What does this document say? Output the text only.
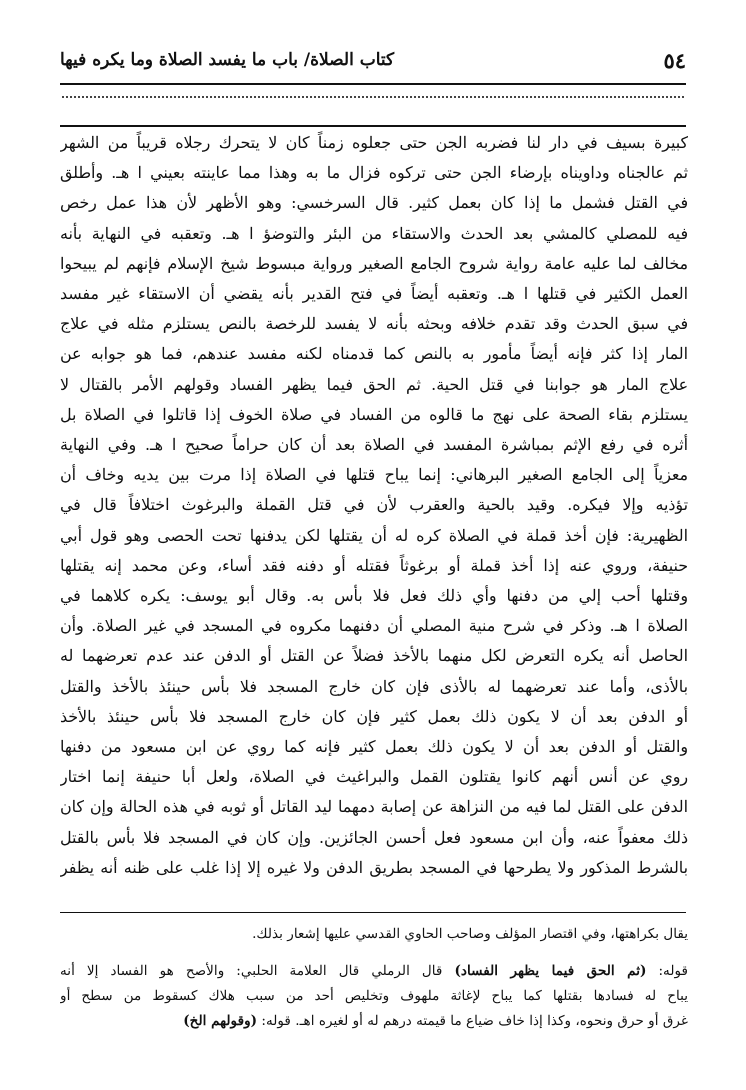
٥٤
كتاب الصلاة/ باب ما يفسد الصلاة وما يكره فيها
كبيرة بسيف في دار لنا فضربه الجن حتى جعلوه زمناً كان لا يتحرك رجلاه قريباً من الشهر
ثم عالجناه وداويناه بإرضاء الجن حتى تركوه فزال ما به وهذا مما عاينته بعيني ا هـ. وأطلق
في القتل فشمل ما إذا كان بعمل كثير. قال السرخسي: وهو الأظهر لأن هذا عمل رخص
فيه للمصلي كالمشي بعد الحدث والاستقاء من البئر والتوضؤ ا هـ. وتعقبه في النهاية بأنه
مخالف لما عليه عامة رواية شروح الجامع الصغير ورواية مبسوط شيخ الإسلام فإنهم لم يبيحوا
العمل الكثير في قتلها ا هـ. وتعقبه أيضاً في فتح القدير بأنه يقضي أن الاستقاء غير مفسد
في سبق الحدث وقد تقدم خلافه وبحثه بأنه لا يفسد للرخصة بالنص يستلزم مثله في علاج
المار إذا كثر فإنه أيضاً مأمور به بالنص كما قدمناه لكنه مفسد عندهم، فما هو جوابه عن
علاج المار هو جوابنا في قتل الحية. ثم الحق فيما يظهر الفساد وقولهم الأمر بالقتال لا
يستلزم بقاء الصحة على نهج ما قالوه من الفساد في صلاة الخوف إذا قاتلوا في الصلاة بل
أثره في رفع الإثم بمباشرة المفسد في الصلاة بعد أن كان حراماً صحيح ا هـ. وفي النهاية
معزياً إلى الجامع الصغير البرهاني: إنما يباح قتلها في الصلاة إذا مرت بين يديه وخاف أن
تؤذيه وإلا فيكره. وقيد بالحية والعقرب لأن في قتل القملة والبرغوث اختلافاً قال في
الظهيرية: فإن أخذ قملة في الصلاة كره له أن يقتلها لكن يدفنها تحت الحصى وهو قول أبي
حنيفة، وروي عنه إذا أخذ قملة أو برغوثاً فقتله أو دفنه فقد أساء، وعن محمد إنه يقتلها
وقتلها أحب إلي من دفنها وأي ذلك فعل فلا بأس به. وقال أبو يوسف: يكره كلاهما في
الصلاة ا هـ. وذكر في شرح منية المصلي أن دفنهما مكروه في المسجد في غير الصلاة. وأن
الحاصل أنه يكره التعرض لكل منهما بالأخذ فضلاً عن القتل أو الدفن عند عدم تعرضهما له
بالأذى، وأما عند تعرضهما له بالأذى فإن كان خارج المسجد فلا بأس حينئذ بالأخذ والقتل
أو الدفن بعد أن لا يكون ذلك بعمل كثير فإن كان خارج المسجد فلا بأس حينئذ بالأخذ
والقتل أو الدفن بعد أن لا يكون ذلك بعمل كثير فإنه كما روي عن ابن مسعود من دفنها
روي عن أنس أنهم كانوا يقتلون القمل والبراغيث في الصلاة، ولعل أبا حنيفة إنما اختار
الدفن على القتل لما فيه من النزاهة عن إصابة دمهما ليد القاتل أو ثوبه في هذه الحالة وإن كان
ذلك معفواً عنه، وأن ابن مسعود فعل أحسن الجائزين. وإن كان في المسجد فلا بأس بالقتل
بالشرط المذكور ولا يطرحها في المسجد بطريق الدفن ولا غيره إلا إذا غلب على ظنه أنه يظفر
يقال بكراهتها، وفي اقتصار المؤلف وصاحب الحاوي القدسي عليها إشعار بذلك.
قوله: (ثم الحق فيما يظهر الفساد) قال الرملي قال العلامة الحلبي: والأصح هو الفساد إلا أنه
يباح له فسادها بقتلها كما يباح لإغاثة ملهوف وتخليص أحد من سبب هلاك كسقوط من سطح أو
غرق أو حرق ونحوه، وكذا إذا خاف ضياع ما قيمته درهم له أو لغيره اهـ. قوله: (وقولهم الخ)
